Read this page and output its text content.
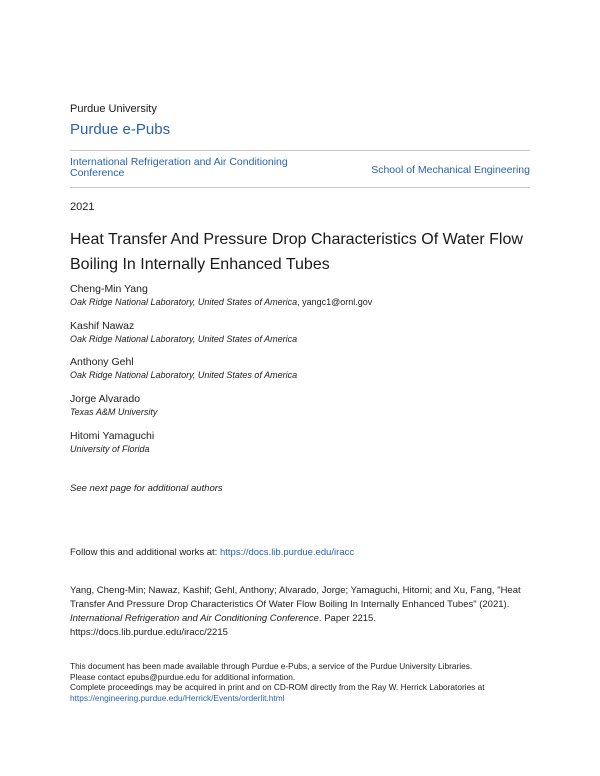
Purdue University
Purdue e-Pubs
International Refrigeration and Air Conditioning Conference	School of Mechanical Engineering
2021
Heat Transfer And Pressure Drop Characteristics Of Water Flow Boiling In Internally Enhanced Tubes
Cheng-Min Yang
Oak Ridge National Laboratory, United States of America, yangc1@ornl.gov
Kashif Nawaz
Oak Ridge National Laboratory, United States of America
Anthony Gehl
Oak Ridge National Laboratory, United States of America
Jorge Alvarado
Texas A&M University
Hitomi Yamaguchi
University of Florida
See next page for additional authors
Follow this and additional works at: https://docs.lib.purdue.edu/iracc
Yang, Cheng-Min; Nawaz, Kashif; Gehl, Anthony; Alvarado, Jorge; Yamaguchi, Hitomi; and Xu, Fang, "Heat Transfer And Pressure Drop Characteristics Of Water Flow Boiling In Internally Enhanced Tubes" (2021). International Refrigeration and Air Conditioning Conference. Paper 2215.
https://docs.lib.purdue.edu/iracc/2215
This document has been made available through Purdue e-Pubs, a service of the Purdue University Libraries.
Please contact epubs@purdue.edu for additional information.
Complete proceedings may be acquired in print and on CD-ROM directly from the Ray W. Herrick Laboratories at
https://engineering.purdue.edu/Herrick/Events/orderlit.html
